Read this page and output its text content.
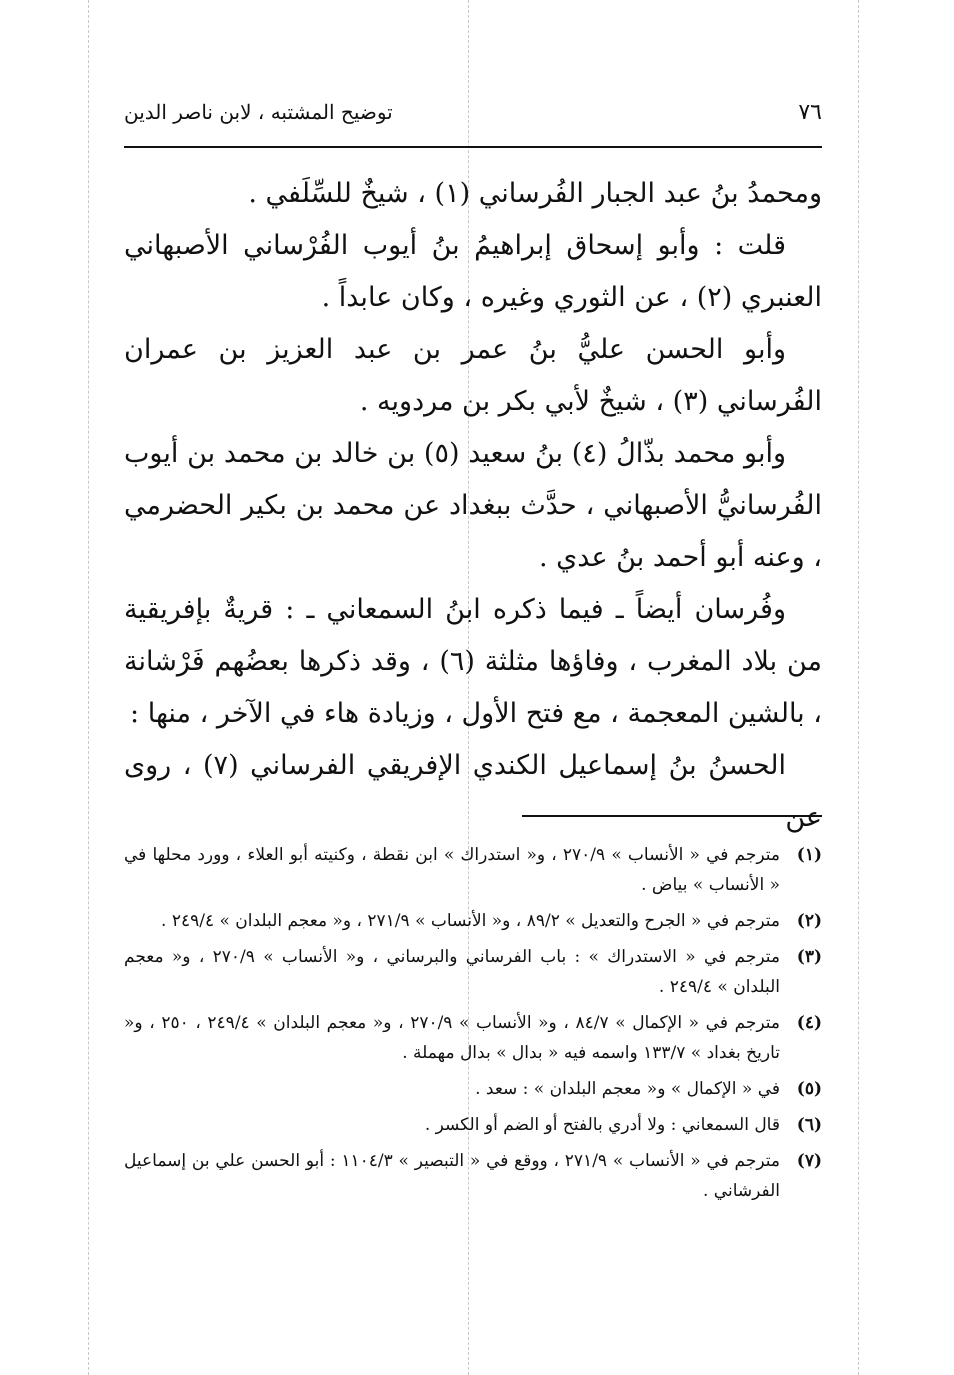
٧٦
توضيح المشتبه ، لابن ناصر الدين

ومحمدُ بنُ عبد الجبار الفُرساني (١) ، شيخٌ للسِّلَفي .

قلت : وأبو إسحاق إبراهيمُ بنُ أيوب الفُرْساني الأصبهاني العنبري (٢) ، عن الثوري وغيره ، وكان عابداً .

وأبو الحسن عليُّ بنُ عمر بن عبد العزيز بن عمران الفُرساني (٣) ، شيخٌ لأبي بكر بن مردويه .

وأبو محمد بذّالُ (٤) بنُ سعيد (٥) بن خالد بن محمد بن أيوب الفُرسانيُّ الأصبهاني ، حدَّث ببغداد عن محمد بن بكير الحضرمي ، وعنه أبو أحمد بنُ عدي .

وفُرسان أيضاً ـ فيما ذكره ابنُ السمعاني ـ : قريةٌ بإفريقية من بلاد المغرب ، وفاؤها مثلثة (٦) ، وقد ذكرها بعضُهم فَرْشانة ، بالشين المعجمة ، مع فتح الأول ، وزيادة هاء في الآخر ، منها :

الحسنُ بنُ إسماعيل الكندي الإفريقي الفرساني (٧) ، روى عن

(١)
مترجم في « الأنساب » ٢٧٠/٩ ، و« استدراك » ابن نقطة ، وكنيته أبو العلاء ، وورد محلها في « الأنساب » بياض .
(٢)
مترجم في « الجرح والتعديل » ٨٩/٢ ، و« الأنساب » ٢٧١/٩ ، و« معجم البلدان » ٢٤٩/٤ .
(٣)
مترجم في « الاستدراك » : باب الفرساني والبرساني ، و« الأنساب » ٢٧٠/٩ ، و« معجم البلدان » ٢٤٩/٤ .
(٤)
مترجم في « الإكمال » ٨٤/٧ ، و« الأنساب » ٢٧٠/٩ ، و« معجم البلدان » ٢٤٩/٤ ، ٢٥٠ ، و« تاريخ بغداد » ١٣٣/٧ واسمه فيه « بدال » بدال مهملة .
(٥)
في « الإكمال » و« معجم البلدان » : سعد .
(٦)
قال السمعاني : ولا أدري بالفتح أو الضم أو الكسر .
(٧)
مترجم في « الأنساب » ٢٧١/٩ ، ووقع في « التبصير » ١١٠٤/٣ : أبو الحسن علي بن إسماعيل الفرشاني .
